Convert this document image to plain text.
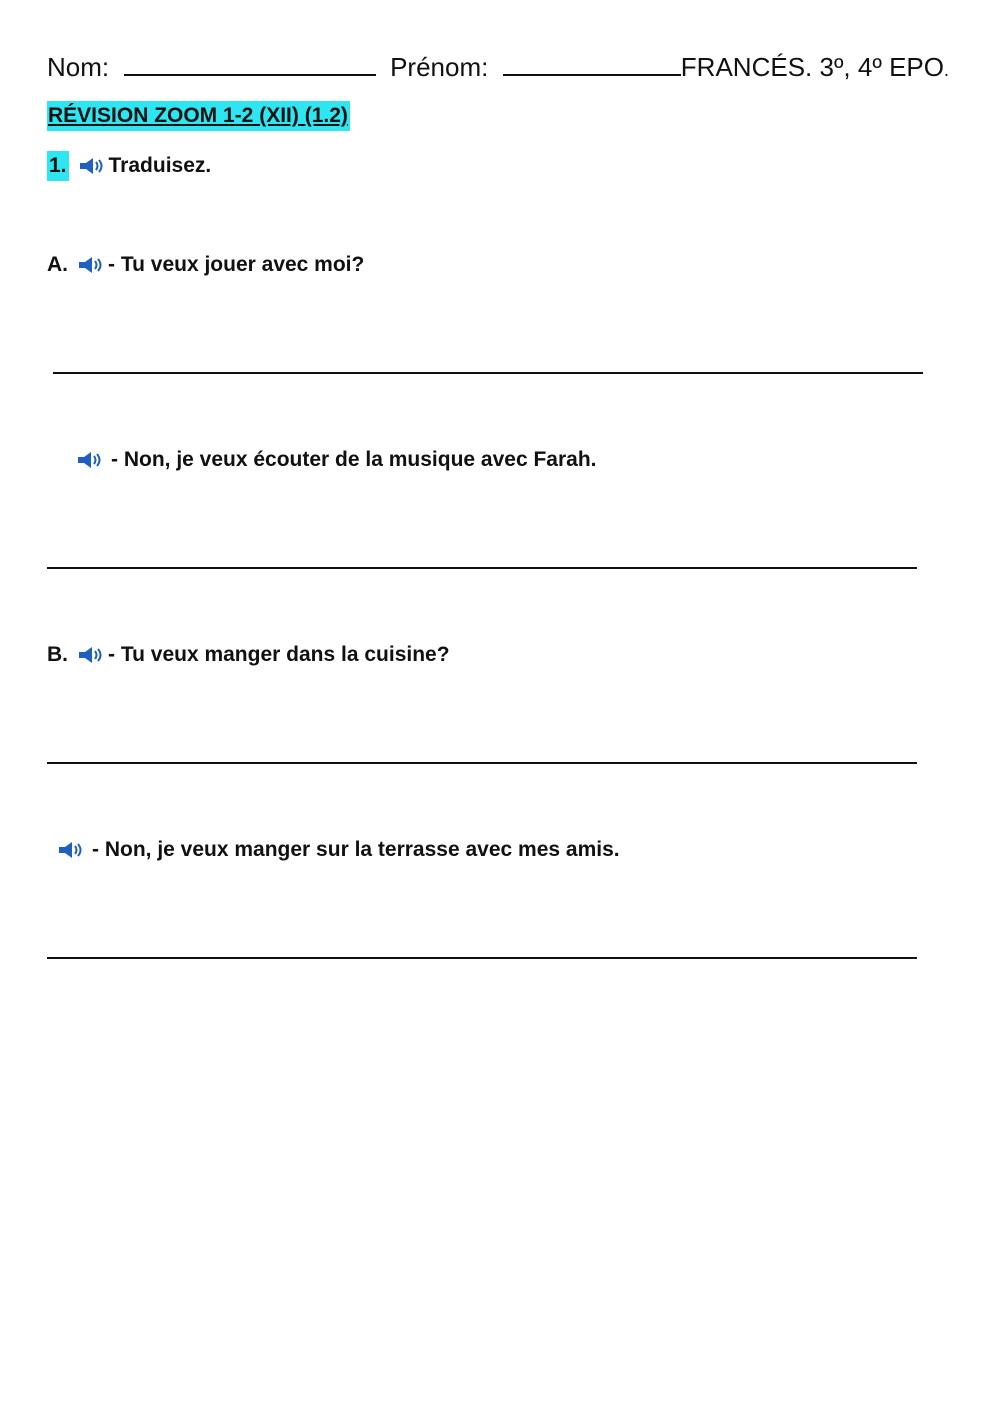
Nom:	Prénom:	FRANCÉS. 3º, 4º EPO.
RÉVISION ZOOM 1-2 (XII) (1.2)
1. Traduisez.
A. - Tu veux jouer avec moi?
- Non, je veux écouter de la musique avec Farah.
B. - Tu veux manger dans la cuisine?
- Non, je veux manger sur la terrasse avec mes amis.
